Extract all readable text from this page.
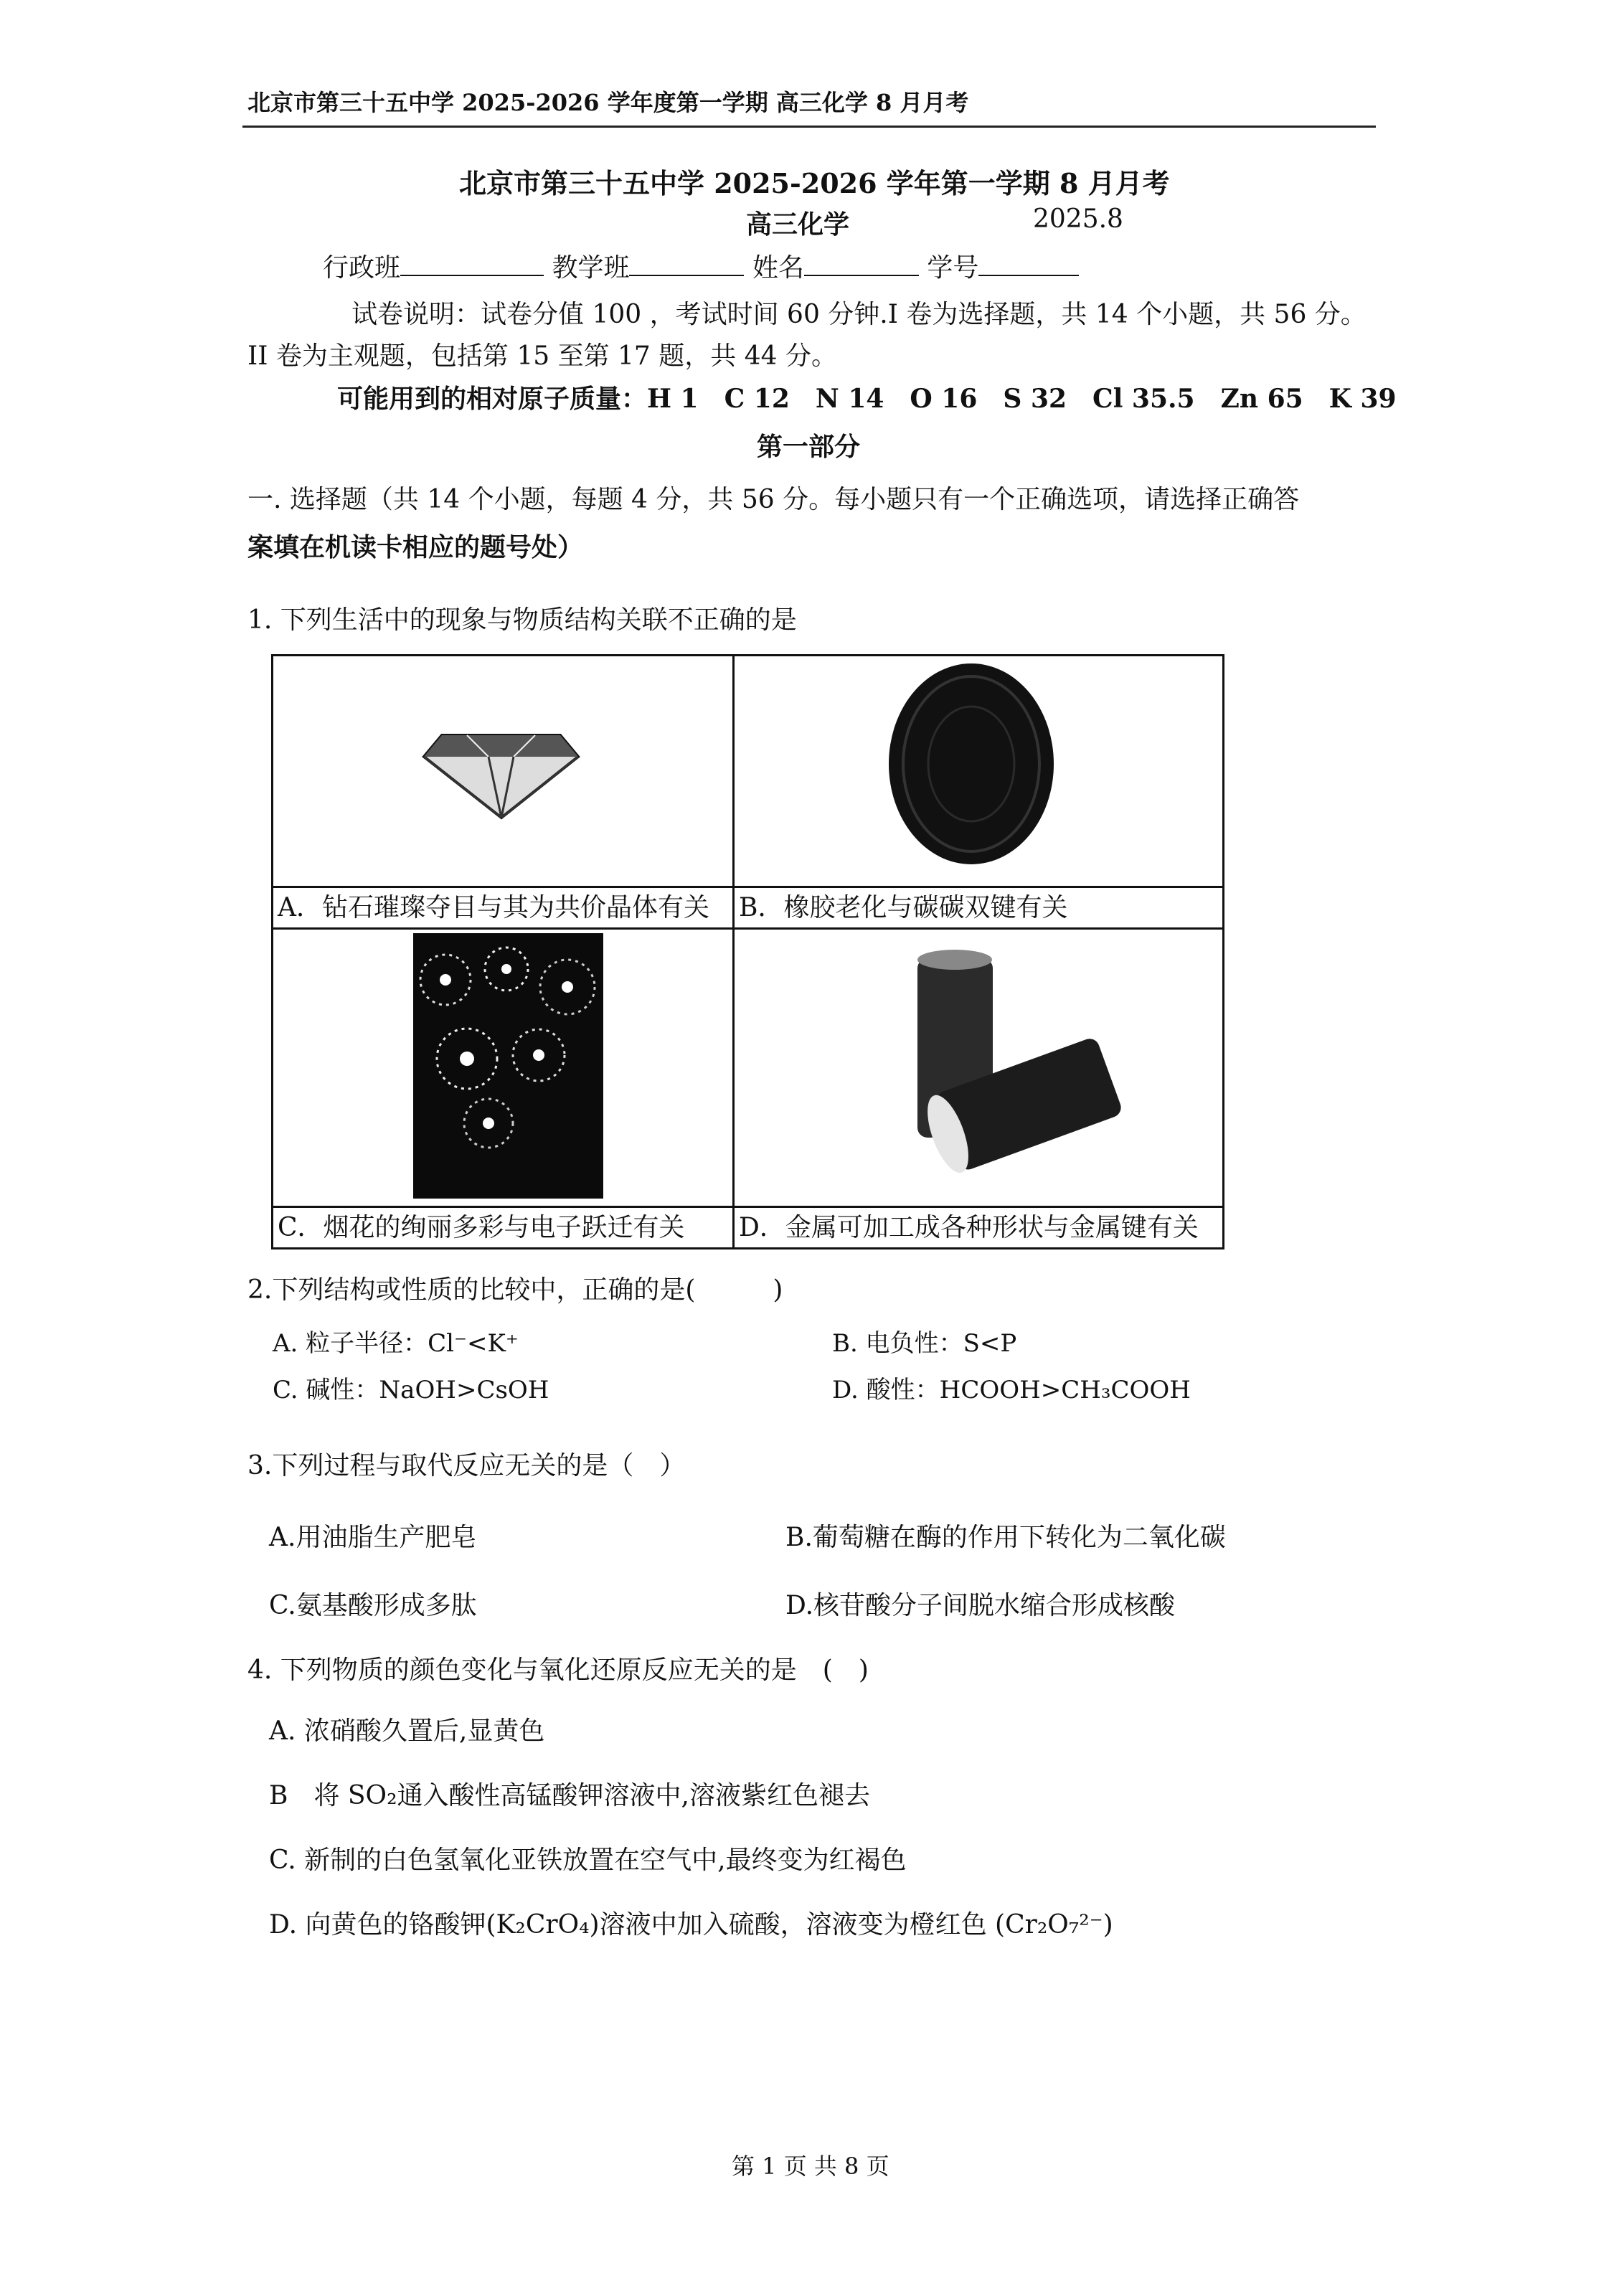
北京市第三十五中学 2025-2026 学年度第一学期 高三化学 8 月月考
北京市第三十五中学 2025-2026 学年第一学期 8 月月考
高三化学	2025.8
行政班	教学班	姓名	学号
试卷说明：试卷分值 100 ，考试时间 60 分钟.I 卷为选择题，共 14 个小题，共 56 分。
II 卷为主观题，包括第 15 至第 17 题，共 44 分。
可能用到的相对原子质量：H 1　C 12　N 14　O 16　S 32　Cl 35.5　Zn 65　K 39
第一部分
一. 选择题（共 14 个小题，每题 4 分，共 56 分。每小题只有一个正确选项，请选择正确答
案填在机读卡相应的题号处）
1. 下列生活中的现象与物质结构关联不正确的是

A．钻石璀璨夺目与其为共价晶体有关	B．橡胶老化与碳碳双键有关

C．烟花的绚丽多彩与电子跃迁有关	D．金属可加工成各种形状与金属键有关
2.下列结构或性质的比较中，正确的是(　　　)
A. 粒子半径：Cl⁻<K⁺	B. 电负性：S<P
C. 碱性：NaOH>CsOH	D. 酸性：HCOOH>CH₃COOH
3.下列过程与取代反应无关的是（　）
A.用油脂生产肥皂	B.葡萄糖在酶的作用下转化为二氧化碳
C.氨基酸形成多肽	D.核苷酸分子间脱水缩合形成核酸
4. 下列物质的颜色变化与氧化还原反应无关的是　(　)
A. 浓硝酸久置后,显黄色
B　将 SO₂通入酸性高锰酸钾溶液中,溶液紫红色褪去
C. 新制的白色氢氧化亚铁放置在空气中,最终变为红褐色
D. 向黄色的铬酸钾(K₂CrO₄)溶液中加入硫酸，溶液变为橙红色 (Cr₂O₇²⁻)
第 1 页 共 8 页
